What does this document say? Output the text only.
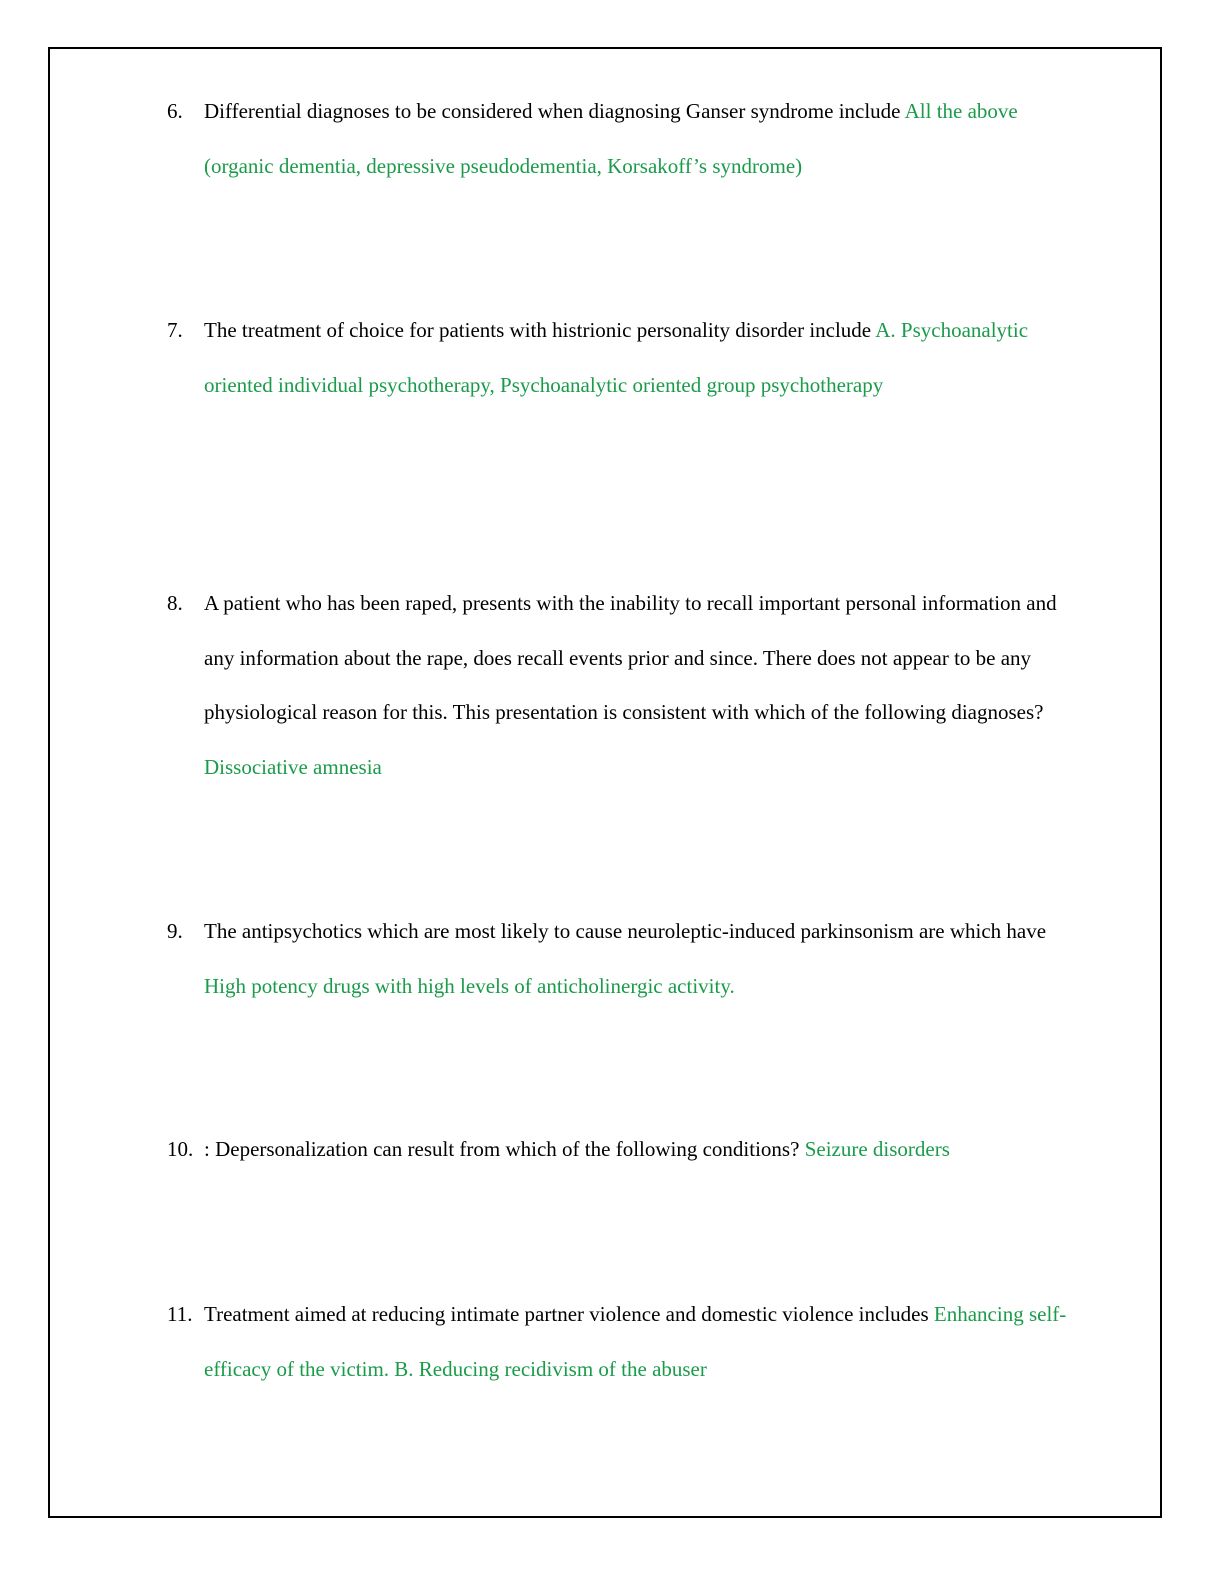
6. Differential diagnoses to be considered when diagnosing Ganser syndrome include All the above (organic dementia, depressive pseudodementia, Korsakoff’s syndrome)
7. The treatment of choice for patients with histrionic personality disorder include A. Psychoanalytic oriented individual psychotherapy, Psychoanalytic oriented group psychotherapy
8. A patient who has been raped, presents with the inability to recall important personal information and any information about the rape, does recall events prior and since. There does not appear to be any physiological reason for this. This presentation is consistent with which of the following diagnoses? Dissociative amnesia
9. The antipsychotics which are most likely to cause neuroleptic-induced parkinsonism are which have High potency drugs with high levels of anticholinergic activity.
10. : Depersonalization can result from which of the following conditions? Seizure disorders
11. Treatment aimed at reducing intimate partner violence and domestic violence includes Enhancing self-efficacy of the victim. B. Reducing recidivism of the abuser
